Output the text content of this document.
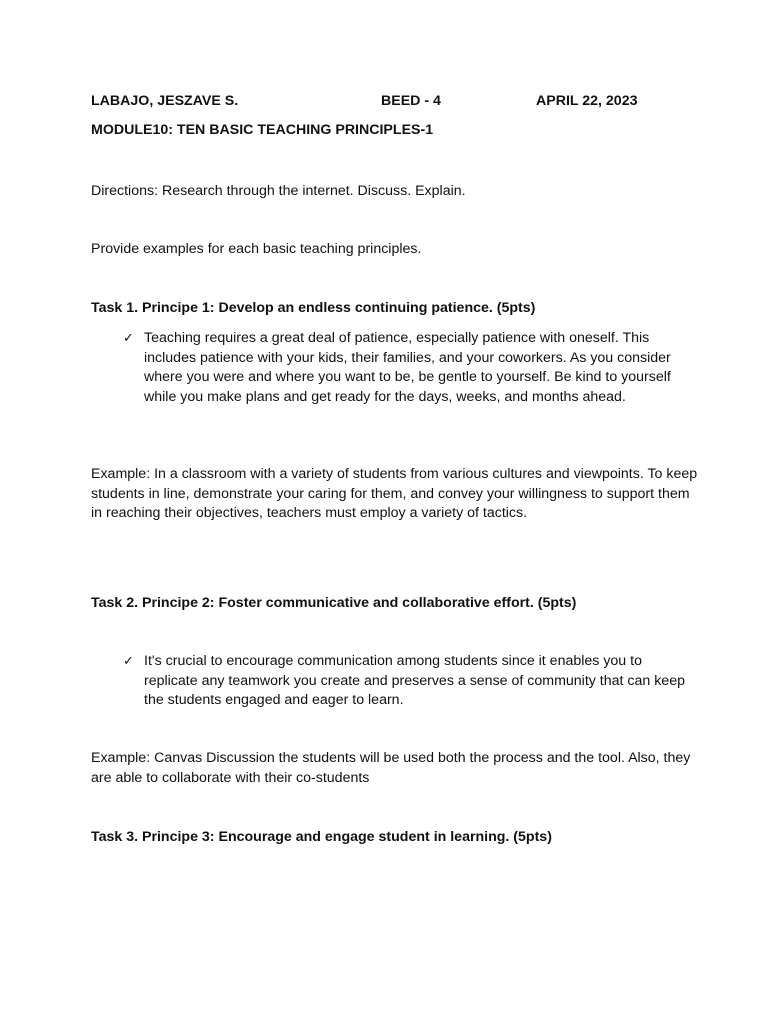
LABAJO, JESZAVE S.	BEED - 4	APRIL 22, 2023
MODULE10: TEN BASIC TEACHING PRINCIPLES-1
Directions: Research through the internet. Discuss. Explain.
Provide examples for each basic teaching principles.
Task 1. Principe 1: Develop an endless continuing patience. (5pts)
✓ Teaching requires a great deal of patience, especially patience with oneself. This includes patience with your kids, their families, and your coworkers. As you consider where you were and where you want to be, be gentle to yourself. Be kind to yourself while you make plans and get ready for the days, weeks, and months ahead.
Example: In a classroom with a variety of students from various cultures and viewpoints. To keep students in line, demonstrate your caring for them, and convey your willingness to support them in reaching their objectives, teachers must employ a variety of tactics.
Task 2. Principe 2: Foster communicative and collaborative effort. (5pts)
✓ It's crucial to encourage communication among students since it enables you to replicate any teamwork you create and preserves a sense of community that can keep the students engaged and eager to learn.
Example: Canvas Discussion the students will be used both the process and the tool. Also, they are able to collaborate with their co-students
Task 3. Principe 3: Encourage and engage student in learning. (5pts)
